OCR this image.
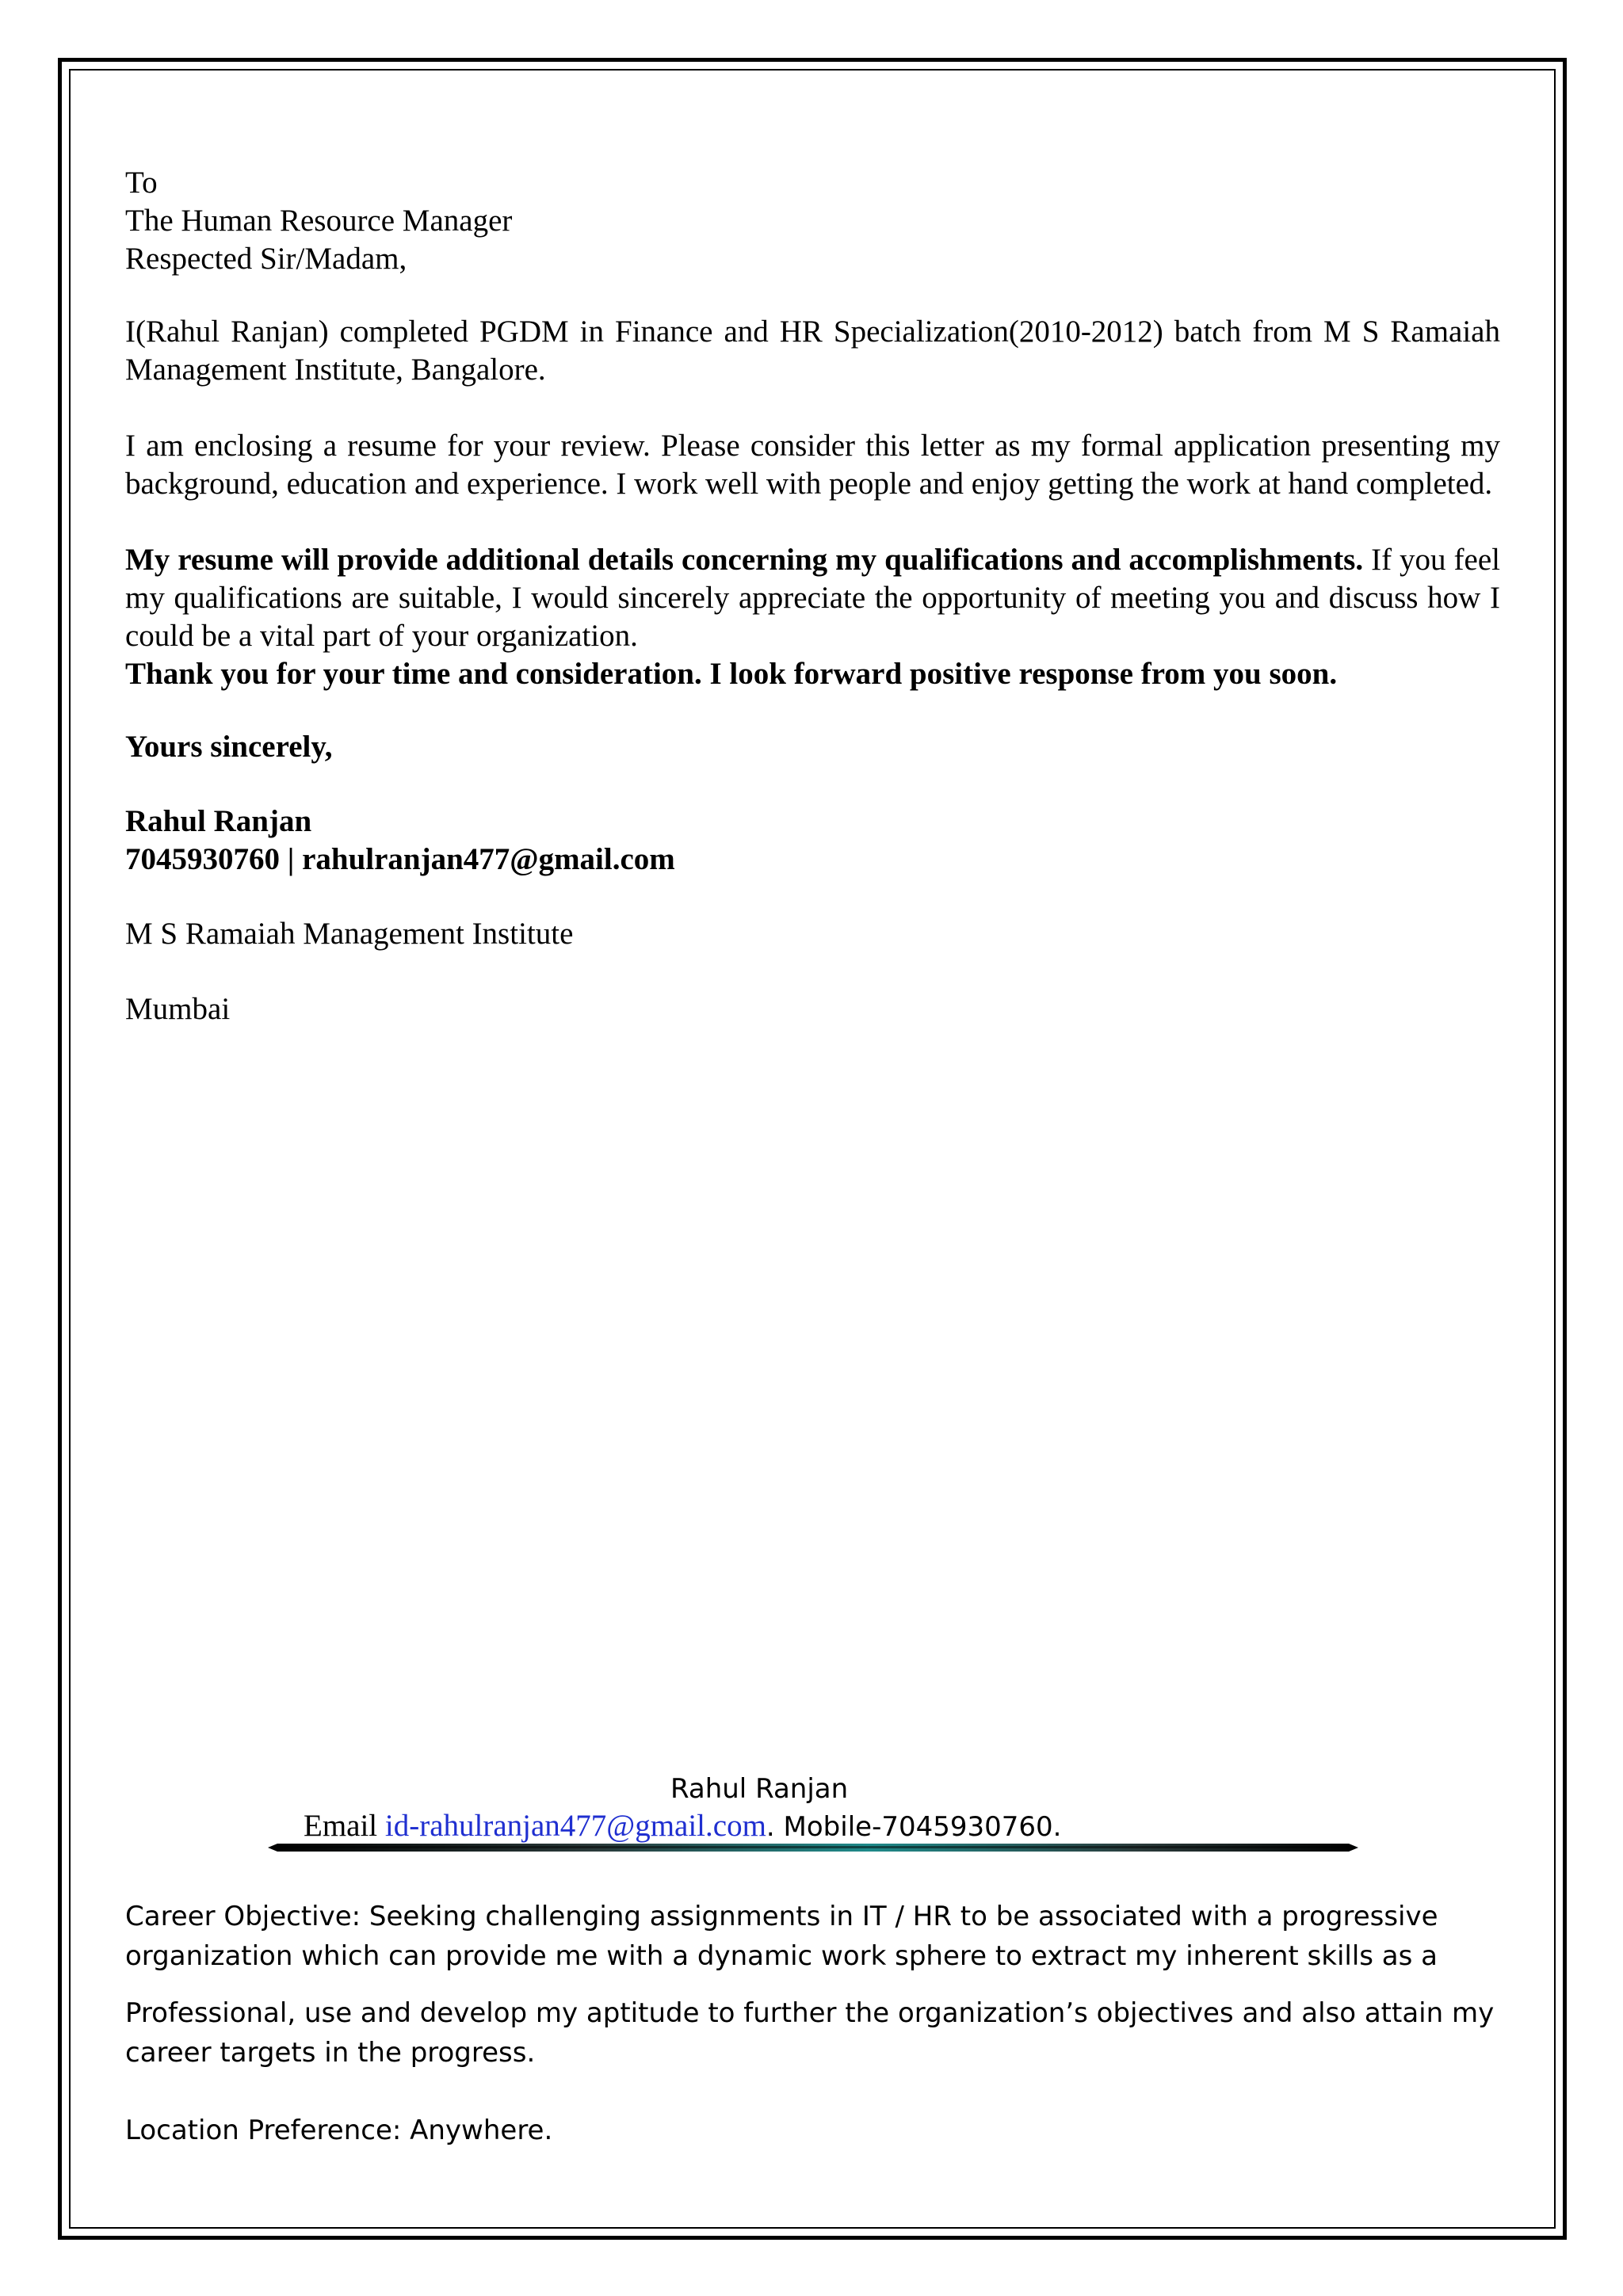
To
The Human Resource Manager
Respected Sir/Madam,
I(Rahul Ranjan) completed PGDM in Finance and HR Specialization(2010-2012) batch from M S Ramaiah Management Institute, Bangalore.
I am enclosing a resume for your review. Please consider this letter as my formal application presenting my background, education and experience. I work well with people and enjoy getting the work at hand completed.
My resume will provide additional details concerning my qualifications and accomplishments. If you feel my qualifications are suitable, I would sincerely appreciate the opportunity of meeting you and discuss how I could be a vital part of your organization.
Thank you for your time and consideration. I look forward positive response from you soon.
Yours sincerely,
Rahul Ranjan
7045930760 | rahulranjan477@gmail.com
M S Ramaiah Management Institute
Mumbai
Rahul Ranjan
Email id-rahulranjan477@gmail.com. Mobile-7045930760.
Career Objective: Seeking challenging assignments in IT / HR to be associated with a progressive
organization which can provide me with a dynamic work sphere to extract my inherent skills as a
Professional, use and develop my aptitude to further the organization’s objectives and also attain my
career targets in the progress.
Location Preference: Anywhere.
